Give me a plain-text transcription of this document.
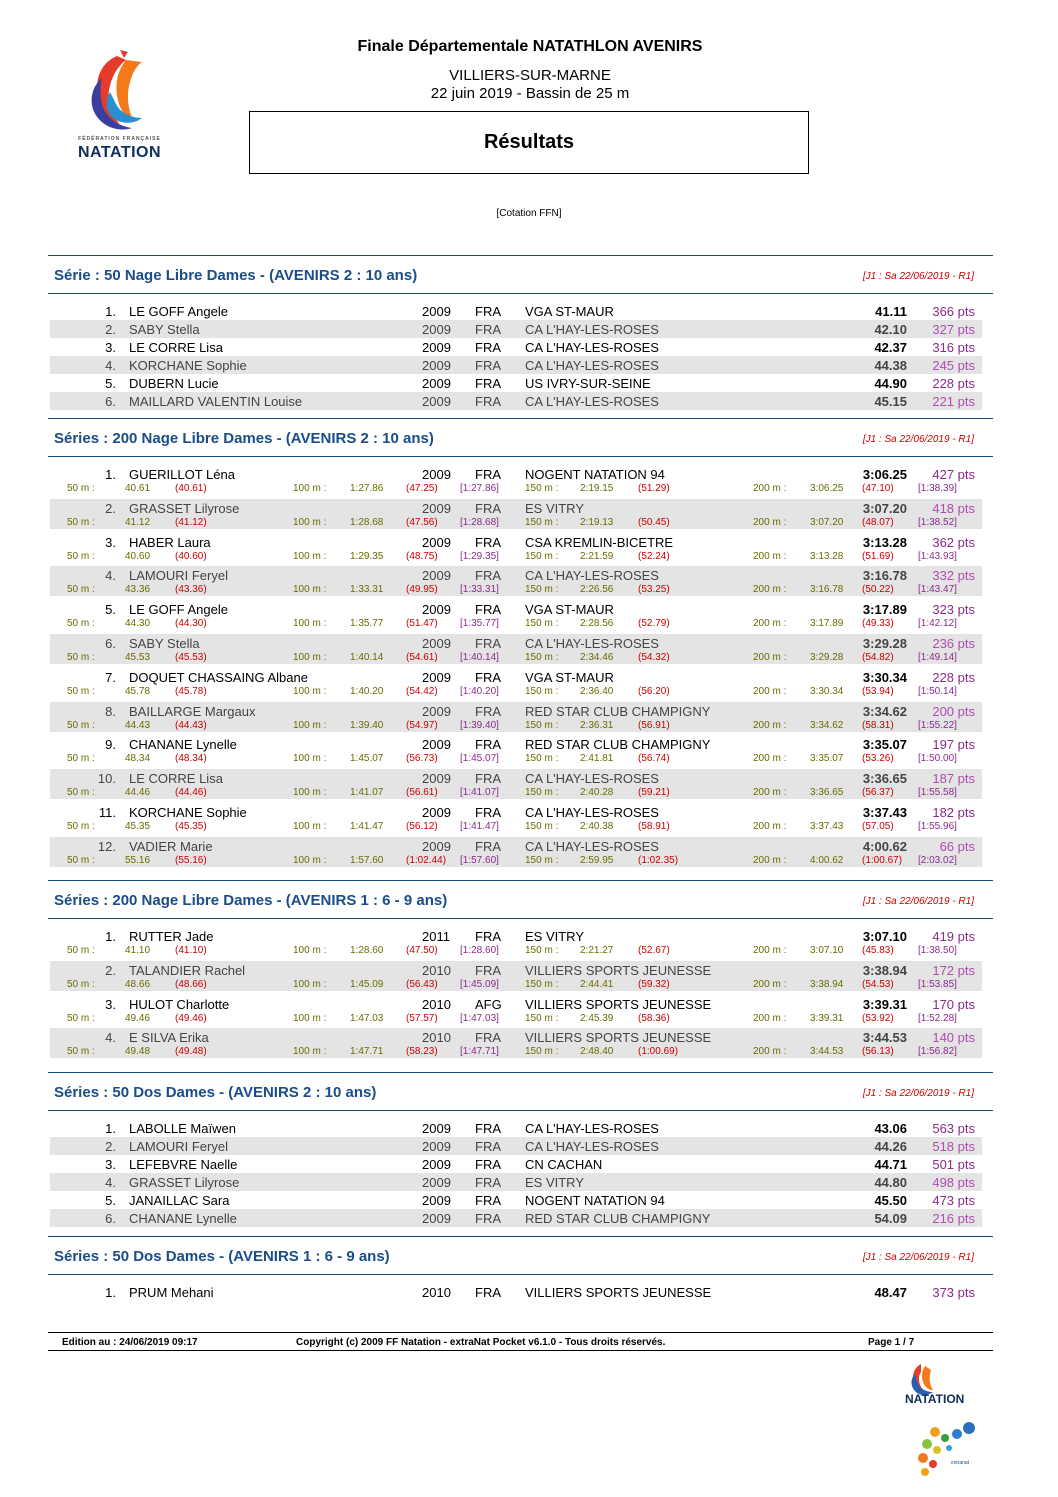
FÉDÉRATION FRANÇAISE
NATATION
Finale Départementale NATATHLON AVENIRS
VILLIERS-SUR-MARNE
22 juin 2019 - Bassin de 25 m
Résultats
[Cotation FFN]
Série : 50 Nage Libre Dames - (AVENIRS 2 : 10 ans)	[J1 : Sa 22/06/2019 - R1]
1. LE GOFF Angele	2009 FRA VGA ST-MAUR	41.11 366 pts
2. SABY Stella	2009 FRA CA L'HAY-LES-ROSES	42.10 327 pts
3. LE CORRE Lisa	2009 FRA CA L'HAY-LES-ROSES	42.37 316 pts
4. KORCHANE Sophie	2009 FRA CA L'HAY-LES-ROSES	44.38 245 pts
5. DUBERN Lucie	2009 FRA US IVRY-SUR-SEINE	44.90 228 pts
6. MAILLARD VALENTIN Louise	2009 FRA CA L'HAY-LES-ROSES	45.15 221 pts
Séries : 200 Nage Libre Dames - (AVENIRS 2 : 10 ans)	[J1 : Sa 22/06/2019 - R1]
1. GUERILLOT Léna	2009 FRA NOGENT NATATION 94	3:06.25 427 pts
50 m :	40.61 (40.61)	100 m : 1:27.86 (47.25) [1:27.86]	150 m : 2:19.15 (51.29)	200 m : 3:06.25 (47.10) [1:38.39]
2. GRASSET Lilyrose	2009 FRA ES VITRY	3:07.20 418 pts
50 m :	41.12 (41.12)	100 m : 1:28.68 (47.56) [1:28.68]	150 m : 2:19.13 (50.45)	200 m : 3:07.20 (48.07) [1:38.52]
3. HABER Laura	2009 FRA CSA KREMLIN-BICETRE	3:13.28 362 pts
50 m :	40.60 (40.60)	100 m : 1:29.35 (48.75) [1:29.35]	150 m : 2:21.59 (52.24)	200 m : 3:13.28 (51.69) [1:43.93]
4. LAMOURI Feryel	2009 FRA CA L'HAY-LES-ROSES	3:16.78 332 pts
50 m :	43.36 (43.36)	100 m : 1:33.31 (49.95) [1:33.31]	150 m : 2:26.56 (53.25)	200 m : 3:16.78 (50.22) [1:43.47]
5. LE GOFF Angele	2009 FRA VGA ST-MAUR	3:17.89 323 pts
50 m :	44.30 (44.30)	100 m : 1:35.77 (51.47) [1:35.77]	150 m : 2:28.56 (52.79)	200 m : 3:17.89 (49.33) [1:42.12]
6. SABY Stella	2009 FRA CA L'HAY-LES-ROSES	3:29.28 236 pts
50 m :	45.53 (45.53)	100 m : 1:40.14 (54.61) [1:40.14]	150 m : 2:34.46 (54.32)	200 m : 3:29.28 (54.82) [1:49.14]
7. DOQUET CHASSAING Albane	2009 FRA VGA ST-MAUR	3:30.34 228 pts
50 m :	45.78 (45.78)	100 m : 1:40.20 (54.42) [1:40.20]	150 m : 2:36.40 (56.20)	200 m : 3:30.34 (53.94) [1:50.14]
8. BAILLARGE Margaux	2009 FRA RED STAR CLUB CHAMPIGNY	3:34.62 200 pts
50 m :	44.43 (44.43)	100 m : 1:39.40 (54.97) [1:39.40]	150 m : 2:36.31 (56.91)	200 m : 3:34.62 (58.31) [1:55.22]
9. CHANANE Lynelle	2009 FRA RED STAR CLUB CHAMPIGNY	3:35.07 197 pts
50 m :	48.34 (48.34)	100 m : 1:45.07 (56.73) [1:45.07]	150 m : 2:41.81 (56.74)	200 m : 3:35.07 (53.26) [1:50.00]
10. LE CORRE Lisa	2009 FRA CA L'HAY-LES-ROSES	3:36.65 187 pts
50 m :	44.46 (44.46)	100 m : 1:41.07 (56.61) [1:41.07]	150 m : 2:40.28 (59.21)	200 m : 3:36.65 (56.37) [1:55.58]
11. KORCHANE Sophie	2009 FRA CA L'HAY-LES-ROSES	3:37.43 182 pts
50 m :	45.35 (45.35)	100 m : 1:41.47 (56.12) [1:41.47]	150 m : 2:40.38 (58.91)	200 m : 3:37.43 (57.05) [1:55.96]
12. VADIER Marie	2009 FRA CA L'HAY-LES-ROSES	4:00.62	66 pts
50 m :	55.16 (55.16)	100 m : 1:57.60 (1:02.44) [1:57.60]	150 m : 2:59.95 (1:02.35)	200 m : 4:00.62 (1:00.67) [2:03.02]
Séries : 200 Nage Libre Dames - (AVENIRS 1 : 6 - 9 ans)	[J1 : Sa 22/06/2019 - R1]
1. RUTTER Jade	2011 FRA ES VITRY	3:07.10 419 pts
50 m :	41.10 (41.10)	100 m : 1:28.60 (47.50) [1:28.60]	150 m : 2:21.27 (52.67)	200 m : 3:07.10 (45.83) [1:38.50]
2. TALANDIER Rachel	2010 FRA VILLIERS SPORTS JEUNESSE	3:38.94 172 pts
50 m :	48.66 (48.66)	100 m : 1:45.09 (56.43) [1:45.09]	150 m : 2:44.41 (59.32)	200 m : 3:38.94 (54.53) [1:53.85]
3. HULOT Charlotte	2010 AFG VILLIERS SPORTS JEUNESSE	3:39.31 170 pts
50 m :	49.46 (49.46)	100 m : 1:47.03 (57.57) [1:47.03]	150 m : 2:45.39 (58.36)	200 m : 3:39.31 (53.92) [1:52.28]
4. E SILVA Erika	2010 FRA VILLIERS SPORTS JEUNESSE	3:44.53 140 pts
50 m :	49.48 (49.48)	100 m : 1:47.71 (58.23) [1:47.71]	150 m : 2:48.40 (1:00.69)	200 m : 3:44.53 (56.13) [1:56.82]
Séries : 50 Dos Dames - (AVENIRS 2 : 10 ans)	[J1 : Sa 22/06/2019 - R1]
1. LABOLLE Maïwen	2009 FRA CA L'HAY-LES-ROSES	43.06 563 pts
2. LAMOURI Feryel	2009 FRA CA L'HAY-LES-ROSES	44.26 518 pts
3. LEFEBVRE Naelle	2009 FRA CN CACHAN	44.71 501 pts
4. GRASSET Lilyrose	2009 FRA ES VITRY	44.80 498 pts
5. JANAILLAC Sara	2009 FRA NOGENT NATATION 94	45.50 473 pts
6. CHANANE Lynelle	2009 FRA RED STAR CLUB CHAMPIGNY	54.09 216 pts
Séries : 50 Dos Dames - (AVENIRS 1 : 6 - 9 ans)	[J1 : Sa 22/06/2019 - R1]
1. PRUM Mehani	2010 FRA VILLIERS SPORTS JEUNESSE	48.47 373 pts
Edition au : 24/06/2019 09:17	Copyright (c) 2009 FF Natation - extraNat Pocket v6.1.0 - Tous droits réservés.	Page 1 / 7
NATATION
extranat
